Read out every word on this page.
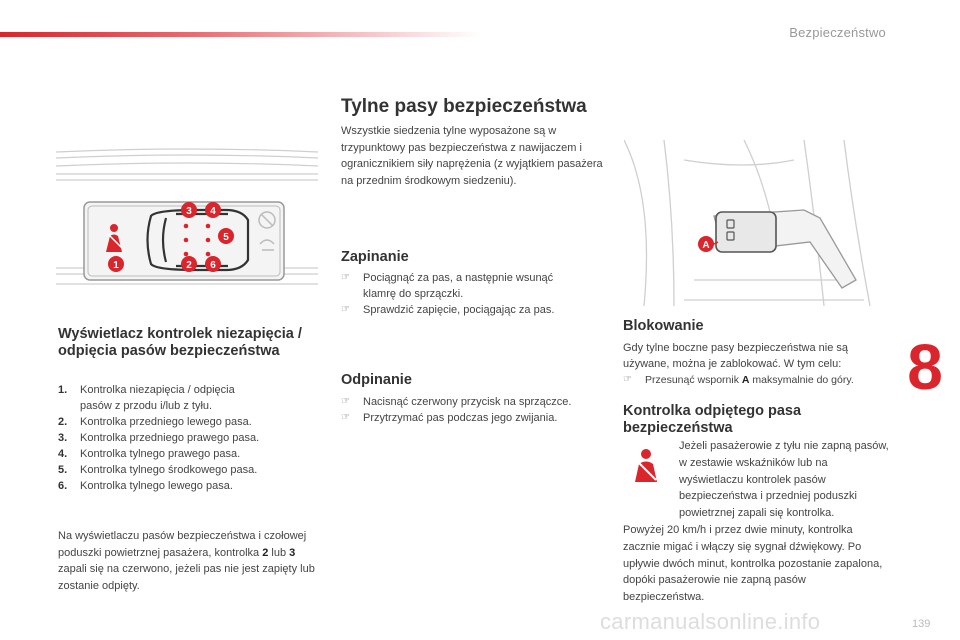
Bezpieczeństwo
8
3 4
5
1	2 6
Wyświetlacz kontrolek niezapięcia / odpięcia pasów bezpieczeństwa
1. Kontrolka niezapięcia / odpięcia pasów z przodu i/lub z tyłu.
2. Kontrolka przedniego lewego pasa.
3. Kontrolka przedniego prawego pasa.
4. Kontrolka tylnego prawego pasa.
5. Kontrolka tylnego środkowego pasa.
6. Kontrolka tylnego lewego pasa.

Na wyświetlaczu pasów bezpieczeństwa i czołowej poduszki powietrznej pasażera, kontrolka 2 lub 3 zapali się na czerwono, jeżeli pas nie jest zapięty lub zostanie odpięty.

Tylne pasy bezpieczeństwa

Wszystkie siedzenia tylne wyposażone są w trzypunktowy pas bezpieczeństwa z nawijaczem i ogranicznikiem siły naprężenia (z wyjątkiem pasażera na przednim środkowym siedzeniu).

Zapinanie
☞ Pociągnąć za pas, a następnie wsunąć klamrę do sprzączki.
☞ Sprawdzić zapięcie, pociągając za pas.
Odpinanie
☞ Nacisnąć czerwony przycisk na sprzączce.
☞ Przytrzymać pas podczas jego zwijania.
A
Blokowanie

Gdy tylne boczne pasy bezpieczeństwa nie są używane, można je zablokować. W tym celu:

☞ Przesunąć wspornik A maksymalnie do góry.
Kontrolka odpiętego pasa bezpieczeństwa

Jeżeli pasażerowie z tyłu nie zapną pasów, w zestawie wskaźników lub na wyświetlaczu kontrolek pasów bezpieczeństwa i przedniej poduszki powietrznej zapali się kontrolka.

Powyżej 20 km/h i przez dwie minuty, kontrolka zacznie migać i włączy się sygnał dźwiękowy. Po upływie dwóch minut, kontrolka pozostanie zapalona, dopóki pasażerowie nie zapną pasów bezpieczeństwa.

carmanualsonline.info	139
